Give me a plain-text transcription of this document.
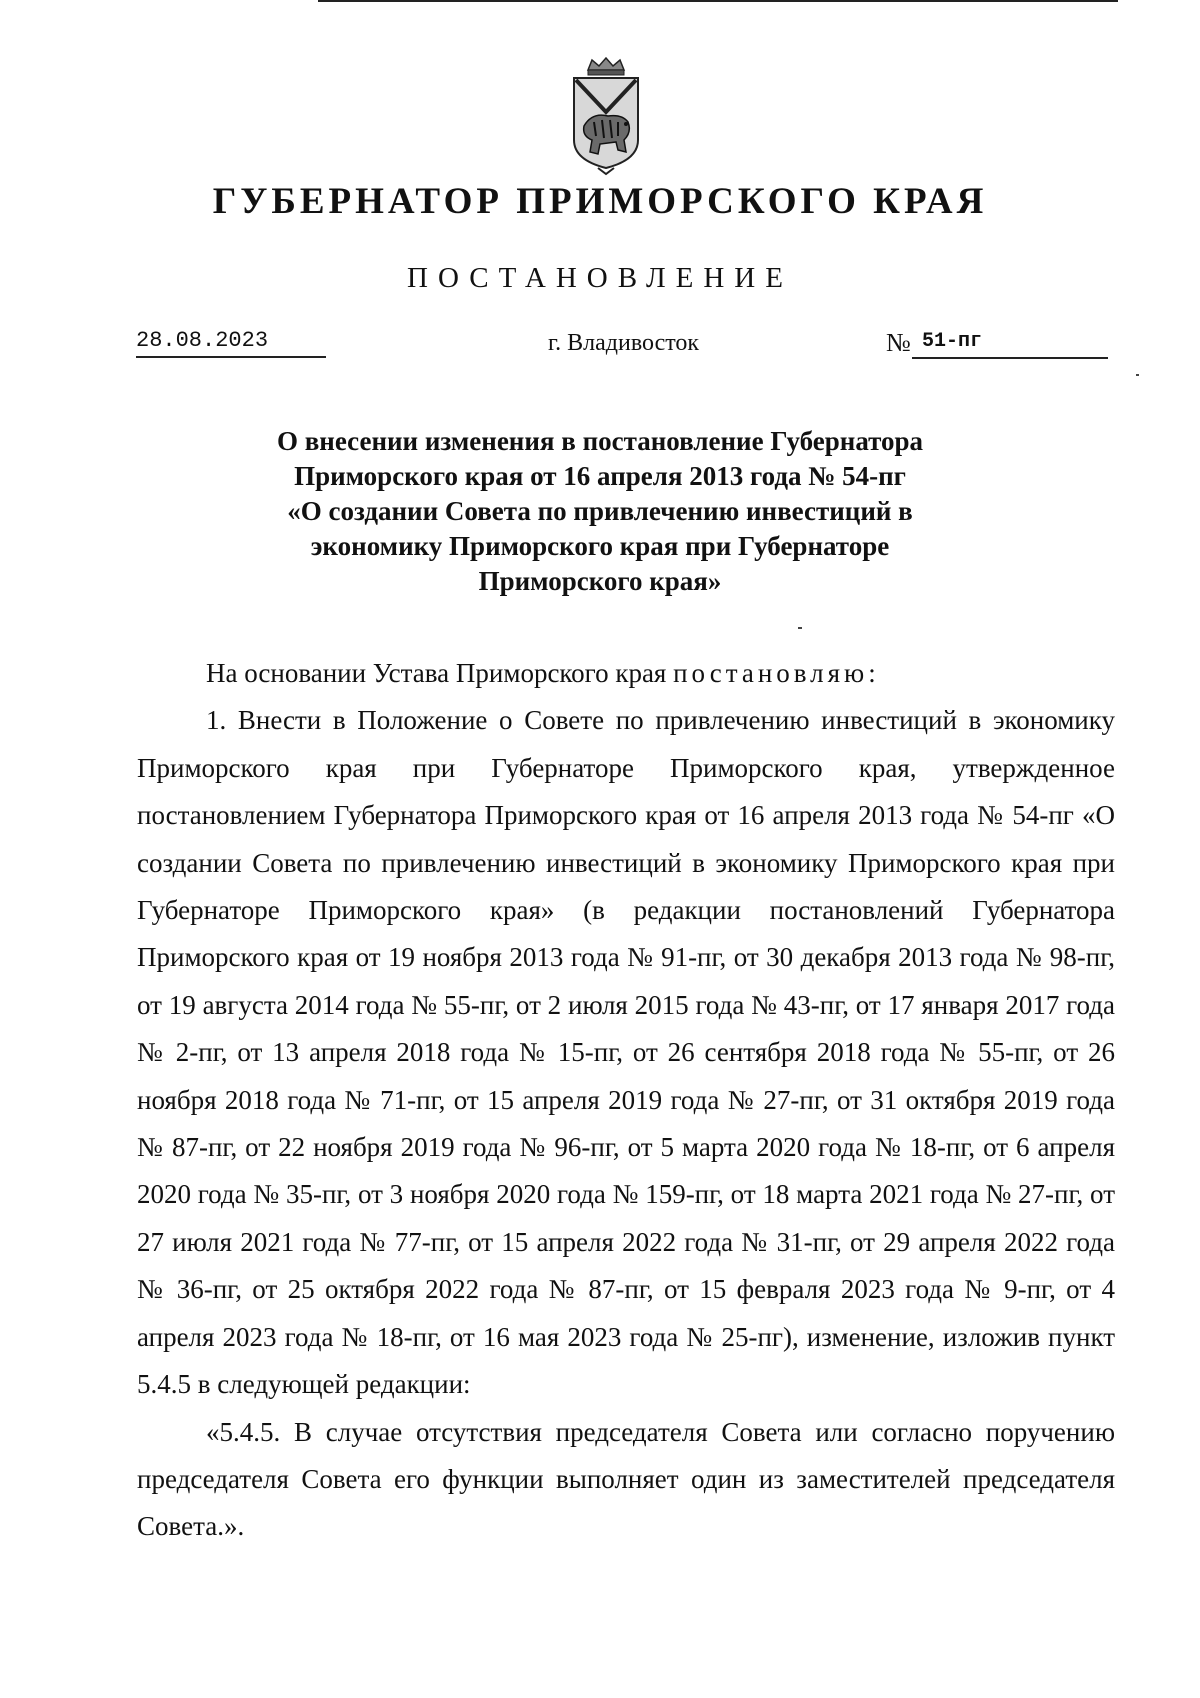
ГУБЕРНАТОР ПРИМОРСКОГО КРАЯ
ПОСТАНОВЛЕНИЕ
28.08.2023	г. Владивосток	№ 51-пг
О внесении изменения в постановление Губернатора
Приморского края от 16 апреля 2013 года № 54-пг
«О создании Совета по привлечению инвестиций в
экономику Приморского края при Губернаторе
Приморского края»

На основании Устава Приморского края постановляю:

1. Внести в Положение о Совете по привлечению инвестиций в экономику Приморского края при Губернаторе Приморского края, утвержденное постановлением Губернатора Приморского края от 16 апреля 2013 года № 54-пг «О создании Совета по привлечению инвестиций в экономику Приморского края при Губернаторе Приморского края» (в редакции постановлений Губернатора Приморского края от 19 ноября 2013 года № 91-пг, от 30 декабря 2013 года № 98-пг, от 19 августа 2014 года № 55-пг, от 2 июля 2015 года № 43-пг, от 17 января 2017 года № 2-пг, от 13 апреля 2018 года № 15-пг, от 26 сентября 2018 года № 55-пг, от 26 ноября 2018 года № 71-пг, от 15 апреля 2019 года № 27-пг, от 31 октября 2019 года № 87-пг, от 22 ноября 2019 года № 96-пг, от 5 марта 2020 года № 18-пг, от 6 апреля 2020 года № 35-пг, от 3 ноября 2020 года № 159-пг, от 18 марта 2021 года № 27-пг, от 27 июля 2021 года № 77-пг, от 15 апреля 2022 года № 31-пг, от 29 апреля 2022 года № 36-пг, от 25 октября 2022 года № 87-пг, от 15 февраля 2023 года № 9-пг, от 4 апреля 2023 года № 18-пг, от 16 мая 2023 года № 25-пг), изменение, изложив пункт 5.4.5 в следующей редакции:

«5.4.5. В случае отсутствия председателя Совета или согласно поручению председателя Совета его функции выполняет один из заместителей председателя Совета.».
